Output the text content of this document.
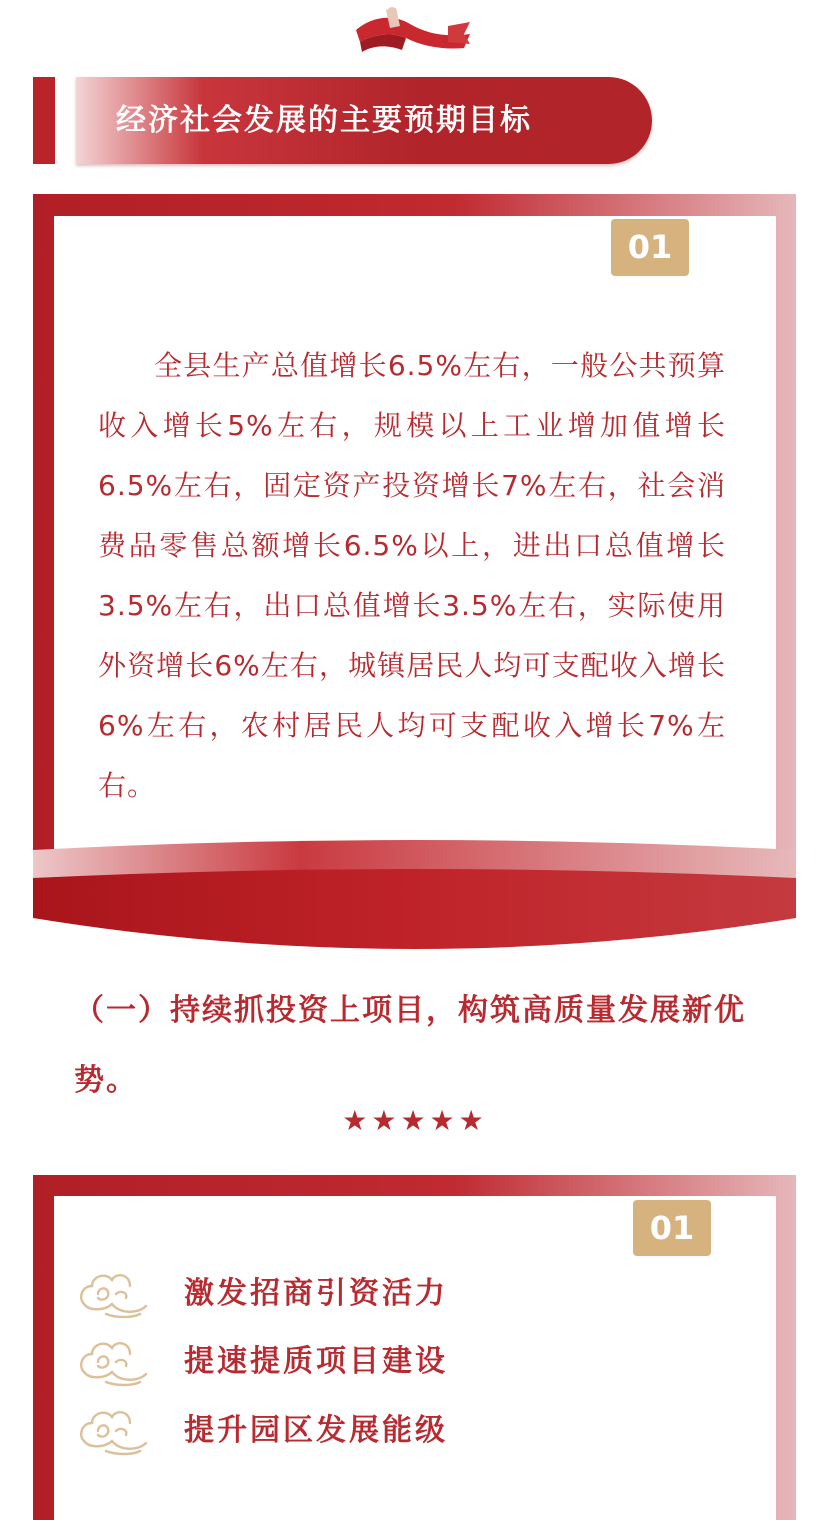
经济社会发展的主要预期目标
01

全县生产总值增长6.5%左右，一般公共预算收入增长5%左右，规模以上工业增加值增长6.5%左右，固定资产投资增长7%左右，社会消费品零售总额增长6.5%以上，进出口总值增长3.5%左右，出口总值增长3.5%左右，实际使用外资增长6%左右，城镇居民人均可支配收入增长6%左右，农村居民人均可支配收入增长7%左右。

（一）持续抓投资上项目，构筑高质量发展新优势。

★★★★★
01
激发招商引资活力
提速提质项目建设
提升园区发展能级
